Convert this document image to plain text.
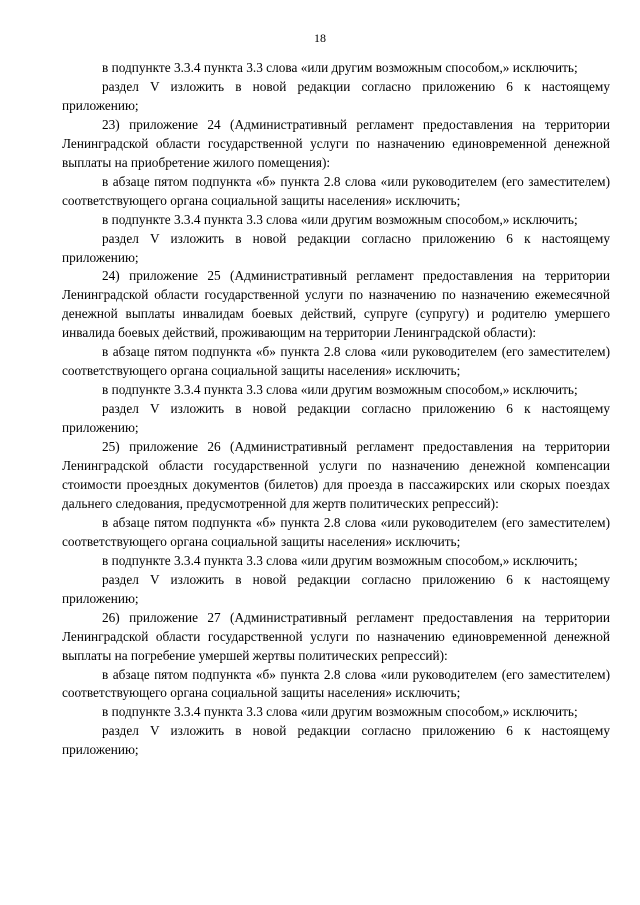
18

в подпункте 3.3.4 пункта 3.3 слова «или другим возможным способом,» исключить;

раздел V изложить в новой редакции согласно приложению 6 к настоящему приложению;

23) приложение 24 (Административный регламент предоставления на территории Ленинградской области государственной услуги по назначению единовременной денежной выплаты на приобретение жилого помещения):

в абзаце пятом подпункта «б» пункта 2.8 слова «или руководителем (его заместителем) соответствующего органа социальной защиты населения» исключить;

в подпункте 3.3.4 пункта 3.3 слова «или другим возможным способом,» исключить;

раздел V изложить в новой редакции согласно приложению 6 к настоящему приложению;

24) приложение 25 (Административный регламент предоставления на территории Ленинградской области государственной услуги по назначению по назначению ежемесячной денежной выплаты инвалидам боевых действий, супруге (супругу) и родителю умершего инвалида боевых действий, проживающим на территории Ленинградской области):

в абзаце пятом подпункта «б» пункта 2.8 слова «или руководителем (его заместителем) соответствующего органа социальной защиты населения» исключить;

в подпункте 3.3.4 пункта 3.3 слова «или другим возможным способом,» исключить;

раздел V изложить в новой редакции согласно приложению 6 к настоящему приложению;

25) приложение 26 (Административный регламент предоставления на территории Ленинградской области государственной услуги по назначению денежной компенсации стоимости проездных документов (билетов) для проезда в пассажирских или скорых поездах дальнего следования, предусмотренной для жертв политических репрессий):

в абзаце пятом подпункта «б» пункта 2.8 слова «или руководителем (его заместителем) соответствующего органа социальной защиты населения» исключить;

в подпункте 3.3.4 пункта 3.3 слова «или другим возможным способом,» исключить;

раздел V изложить в новой редакции согласно приложению 6 к настоящему приложению;

26) приложение 27 (Административный регламент предоставления на территории Ленинградской области государственной услуги по назначению единовременной денежной выплаты на погребение умершей жертвы политических репрессий):

в абзаце пятом подпункта «б» пункта 2.8 слова «или руководителем (его заместителем) соответствующего органа социальной защиты населения» исключить;

в подпункте 3.3.4 пункта 3.3 слова «или другим возможным способом,» исключить;

раздел V изложить в новой редакции согласно приложению 6 к настоящему приложению;
